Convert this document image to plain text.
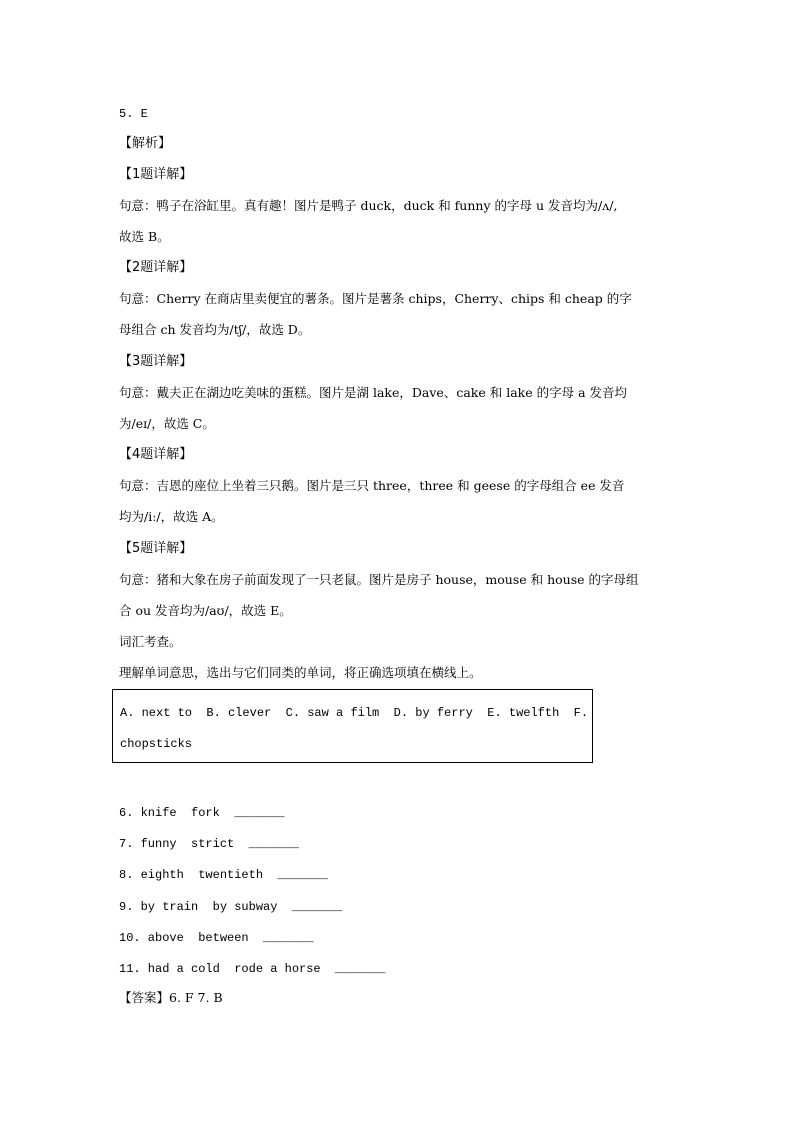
5. E
【解析】
【1题详解】
句意：鸭子在浴缸里。真有趣！图片是鸭子 duck，duck 和 funny 的字母 u 发音均为/ʌ/,
故选 B。
【2题详解】
句意：Cherry 在商店里卖便宜的薯条。图片是薯条 chips，Cherry、chips 和 cheap 的字
母组合 ch 发音均为/tʃ/，故选 D。
【3题详解】
句意：戴夫正在湖边吃美味的蛋糕。图片是湖 lake，Dave、cake 和 lake 的字母 a 发音均
为/eɪ/，故选 C。
【4题详解】
句意：吉恩的座位上坐着三只鹅。图片是三只 three，three 和 geese 的字母组合 ee 发音
均为/iː/，故选 A。
【5题详解】
句意：猪和大象在房子前面发现了一只老鼠。图片是房子 house，mouse 和 house 的字母组
合 ou 发音均为/aʊ/，故选 E。
词汇考查。
理解单词意思，选出与它们同类的单词，将正确选项填在横线上。
A. next to  B. clever  C. saw a film  D. by ferry  E. twelfth  F.
chopsticks
6. knife  fork  _______
7. funny  strict  _______
8. eighth  twentieth  _______
9. by train  by subway  _______
10. above  between  _______
11. had a cold  rode a horse  _______
【答案】6. F 7. B
